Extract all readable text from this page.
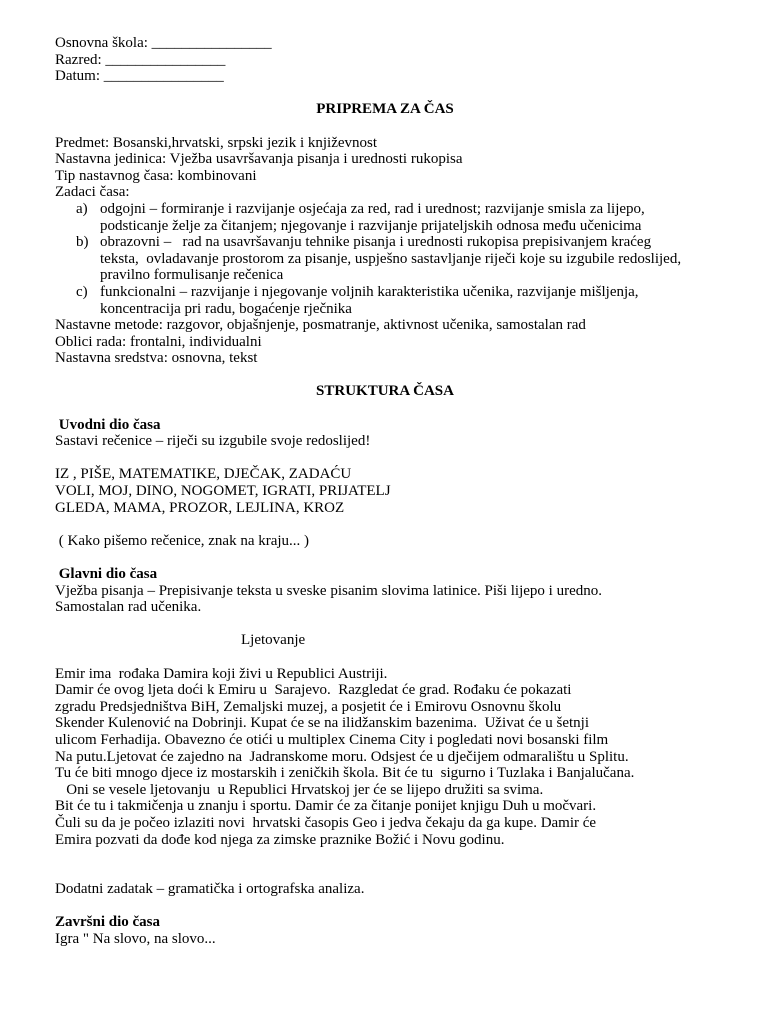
Osnovna škola: ________________
Razred: ________________
Datum: ________________
PRIPREMA ZA ČAS
Predmet: Bosanski,hrvatski, srpski jezik i književnost
Nastavna jedinica: Vježba usavršavanja pisanja i urednosti rukopisa
Tip nastavnog časa: kombinovani
Zadaci časa:
a) odgojni – formiranje i razvijanje osjećaja za red, rad i urednost; razvijanje smisla za lijepo,
podsticanje želje za čitanjem; njegovanje i razvijanje prijateljskih odnosa među učenicima
b) obrazovni –   rad na usavršavanju tehnike pisanja i urednosti rukopisa prepisivanjem kraćeg
teksta,  ovladavanje prostorom za pisanje, uspješno sastavljanje riječi koje su izgubile redoslijed,
pravilno formulisanje rečenica
c) funkcionalni – razvijanje i njegovanje voljnih karakteristika učenika, razvijanje mišljenja,
koncentracija pri radu, bogaćenje rječnika
Nastavne metode: razgovor, objašnjenje, posmatranje, aktivnost učenika, samostalan rad
Oblici rada: frontalni, individualni
Nastavna sredstva: osnovna, tekst
STRUKTURA ČASA
Uvodni dio časa
Sastavi rečenice – riječi su izgubile svoje redoslijed!
IZ , PIŠE, MATEMATIKE, DJEČAK, ZADAĆU
VOLI, MOJ, DINO, NOGOMET, IGRATI, PRIJATELJ
GLEDA, MAMA, PROZOR, LEJLINA, KROZ
( Kako pišemo rečenice, znak na kraju... )
Glavni dio časa
Vježba pisanja – Prepisivanje teksta u sveske pisanim slovima latinice. Piši lijepo i uredno.
Samostalan rad učenika.
Ljetovanje
Emir ima  rođaka Damira koji živi u Republici Austriji.
Damir će ovog ljeta doći k Emiru u  Sarajevo.  Razgledat će grad. Rođaku će pokazati
zgradu Predsjedništva BiH, Zemaljski muzej, a posjetit će i Emirovu Osnovnu školu
Skender Kulenović na Dobrinji. Kupat će se na ilidžanskim bazenima.  Uživat će u šetnji
ulicom Ferhadija. Obavezno će otići u multiplex Cinema City i pogledati novi bosanski film
Na putu.Ljetovat će zajedno na  Jadranskome moru. Odsjest će u dječijem odmaralištu u Splitu.
Tu će biti mnogo djece iz mostarskih i zeničkih škola. Bit će tu  sigurno i Tuzlaka i Banjalučana.
Oni se vesele ljetovanju  u Republici Hrvatskoj jer će se lijepo družiti sa svima.
Bit će tu i takmičenja u znanju i sportu. Damir će za čitanje ponijet knjigu Duh u močvari.
Čuli su da je počeo izlaziti novi  hrvatski časopis Geo i jedva čekaju da ga kupe. Damir će
Emira pozvati da dođe kod njega za zimske praznike Božić i Novu godinu.
Dodatni zadatak – gramatička i ortografska analiza.
Završni dio časa
Igra " Na slovo, na slovo...
